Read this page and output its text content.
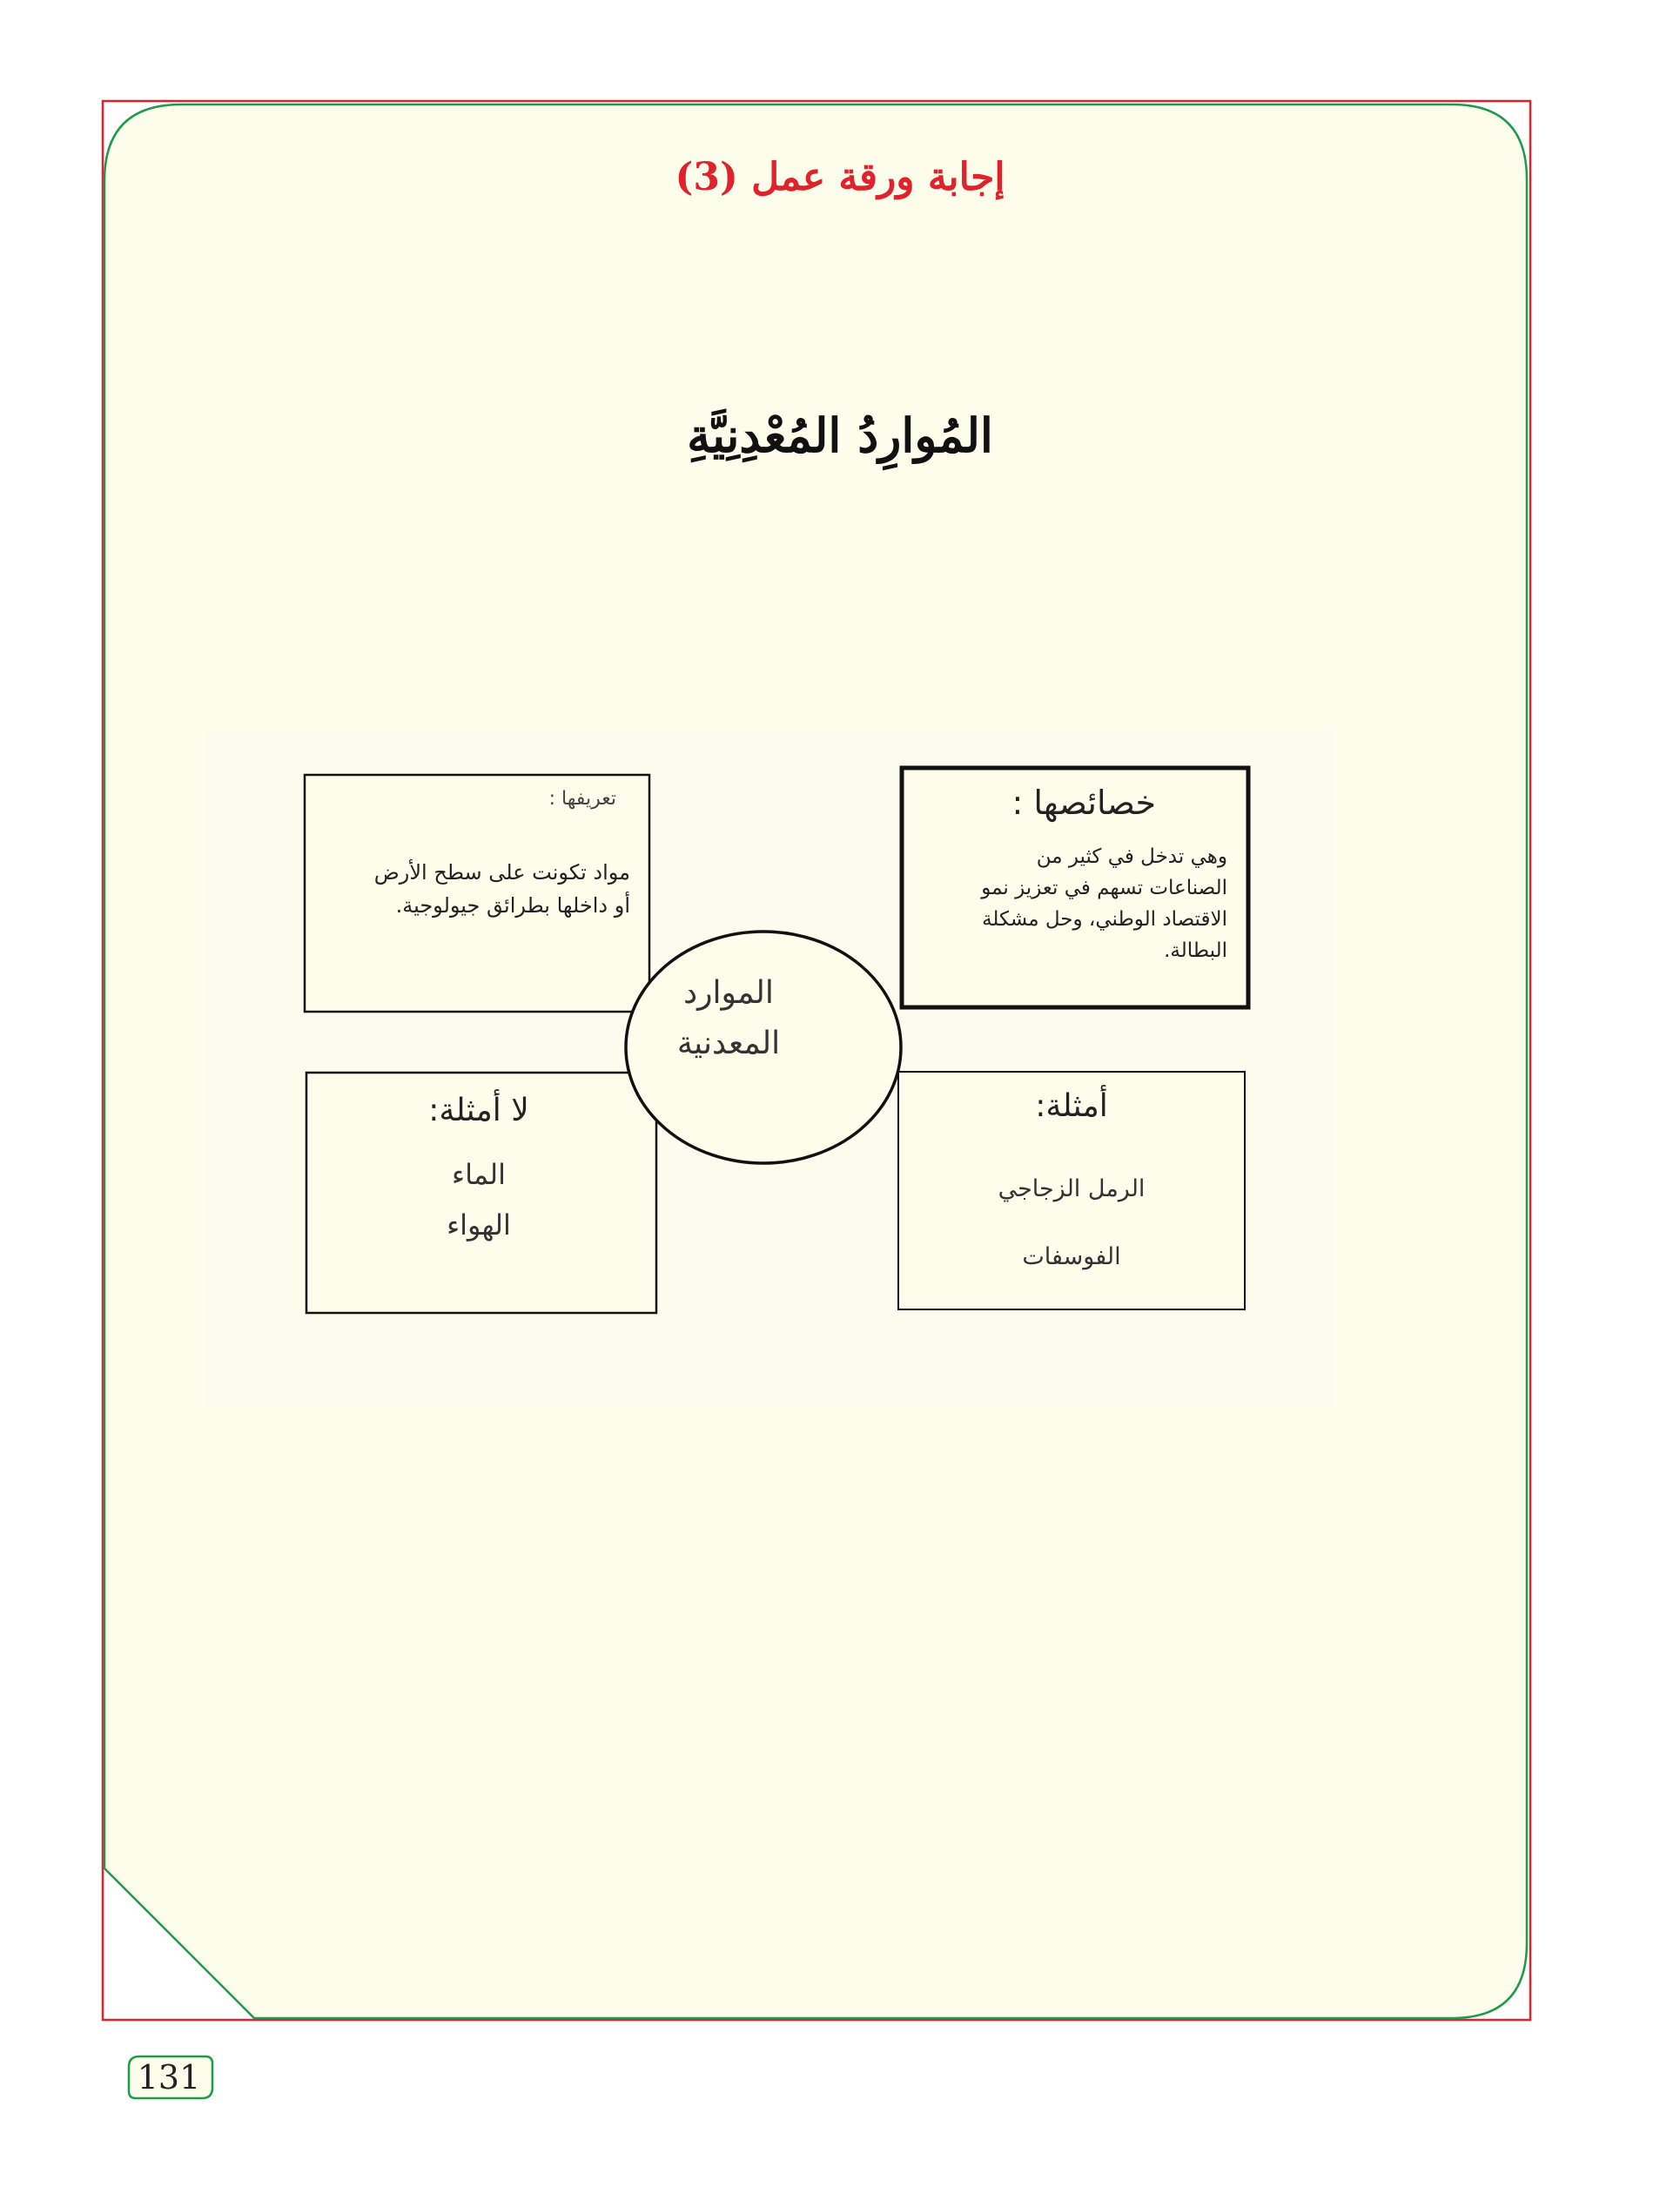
إجابة ورقة عمل (3)
المُوارِدُ المُعْدِنِيَّةِ
الموارد
المعدنية
تعريفها :
مواد تكونت على سطح الأرض
أو داخلها بطرائق جيولوجية.
خصائصها :
وهي تدخل في كثير من
الصناعات تسهم في تعزيز نمو
الاقتصاد الوطني، وحل مشكلة
البطالة.
لا أمثلة:
الماء
الهواء
أمثلة:
الرمل الزجاجي
الفوسفات
131
